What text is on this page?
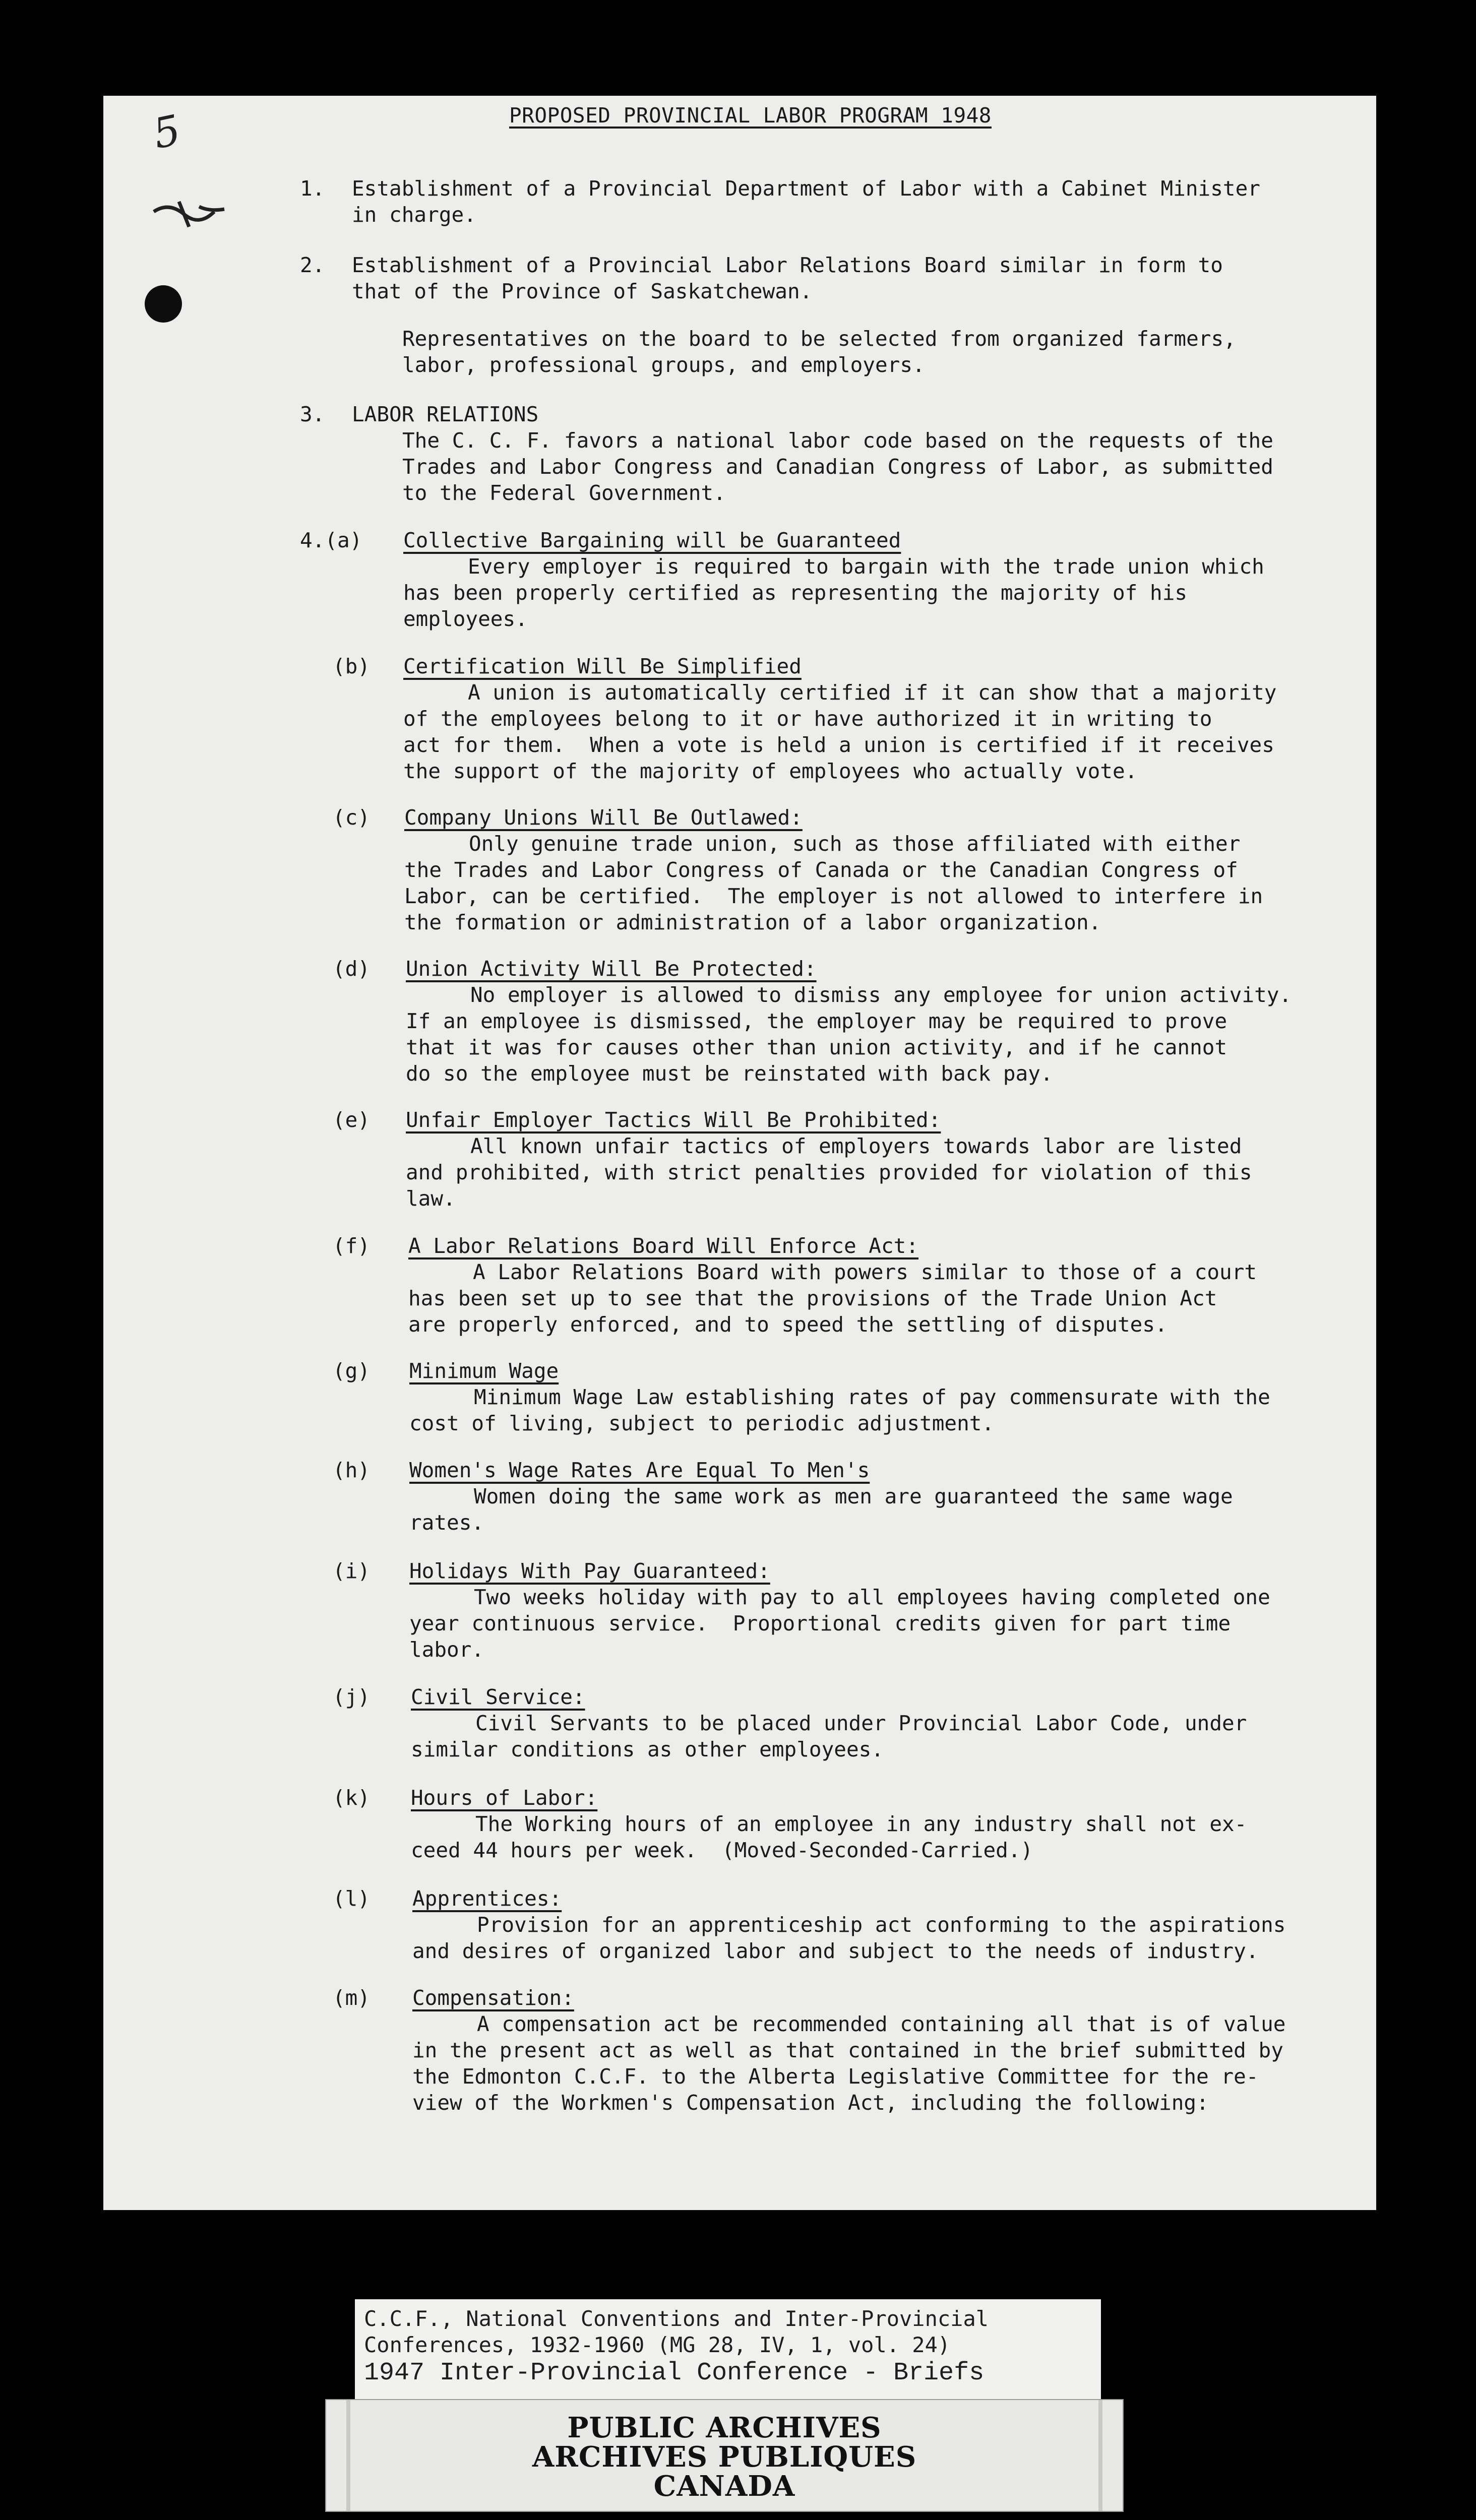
5	PROPOSED PROVINCIAL LABOR PROGRAM 1948
1. Establishment of a Provincial Department of Labor with a Cabinet Minister
in charge.
2. Establishment of a Provincial Labor Relations Board similar in form to
that of the Province of Saskatchewan.
Representatives on the board to be selected from organized farmers,
labor, professional groups, and employers.
3. LABOR RELATIONS
The C. C. F. favors a national labor code based on the requests of the
Trades and Labor Congress and Canadian Congress of Labor, as submitted
to the Federal Government.
4.(a) Collective Bargaining will be Guaranteed
Every employer is required to bargain with the trade union which
has been properly certified as representing the majority of his
employees.
(b) Certification Will Be Simplified
A union is automatically certified if it can show that a majority
of the employees belong to it or have authorized it in writing to
act for them.  When a vote is held a union is certified if it receives
the support of the majority of employees who actually vote.
(c) Company Unions Will Be Outlawed:
Only genuine trade union, such as those affiliated with either
the Trades and Labor Congress of Canada or the Canadian Congress of
Labor, can be certified.  The employer is not allowed to interfere in
the formation or administration of a labor organization.
(d) Union Activity Will Be Protected:
No employer is allowed to dismiss any employee for union activity.
If an employee is dismissed, the employer may be required to prove
that it was for causes other than union activity, and if he cannot
do so the employee must be reinstated with back pay.
(e) Unfair Employer Tactics Will Be Prohibited:
All known unfair tactics of employers towards labor are listed
and prohibited, with strict penalties provided for violation of this
law.
(f) A Labor Relations Board Will Enforce Act:
A Labor Relations Board with powers similar to those of a court
has been set up to see that the provisions of the Trade Union Act
are properly enforced, and to speed the settling of disputes.
(g) Minimum Wage
Minimum Wage Law establishing rates of pay commensurate with the
cost of living, subject to periodic adjustment.
(h) Women's Wage Rates Are Equal To Men's
Women doing the same work as men are guaranteed the same wage
rates.
(i) Holidays With Pay Guaranteed:
Two weeks holiday with pay to all employees having completed one
year continuous service.  Proportional credits given for part time
labor.
(j) Civil Service:
Civil Servants to be placed under Provincial Labor Code, under
similar conditions as other employees.
(k) Hours of Labor:
The Working hours of an employee in any industry shall not ex-
ceed 44 hours per week.  (Moved-Seconded-Carried.)
(l) Apprentices:
Provision for an apprenticeship act conforming to the aspirations
and desires of organized labor and subject to the needs of industry.
(m) Compensation:
A compensation act be recommended containing all that is of value
in the present act as well as that contained in the brief submitted by
the Edmonton C.C.F. to the Alberta Legislative Committee for the re-
view of the Workmen's Compensation Act, including the following:
C.C.F., National Conventions and Inter-Provincial
Conferences, 1932-1960 (MG 28, IV, 1, vol. 24)
1947 Inter-Provincial Conference - Briefs
PUBLIC ARCHIVES
ARCHIVES PUBLIQUES
CANADA
